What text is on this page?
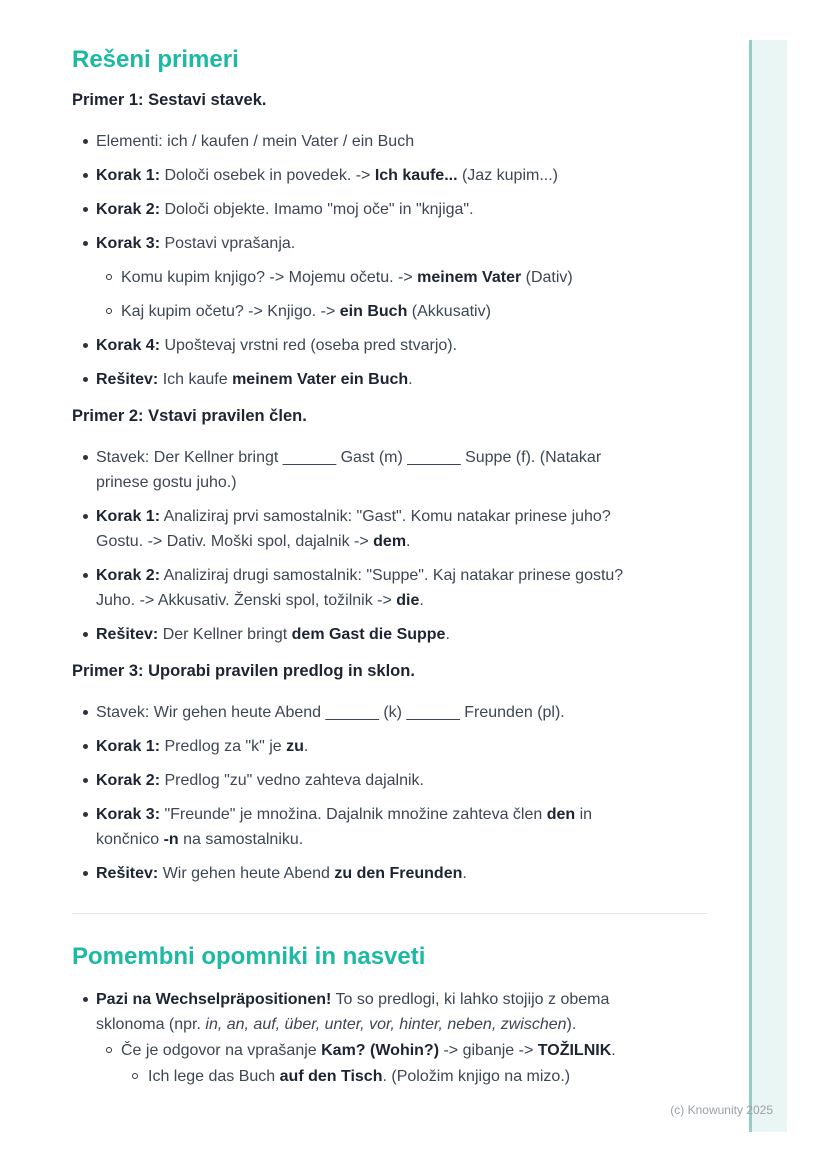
Rešeni primeri
Primer 1: Sestavi stavek.
Elementi: ich / kaufen / mein Vater / ein Buch
Korak 1: Določi osebek in povedek. -> Ich kaufe... (Jaz kupim...)
Korak 2: Določi objekte. Imamo "moj oče" in "knjiga".
Korak 3: Postavi vprašanja.
Komu kupim knjigo? -> Mojemu očetu. -> meinem Vater (Dativ)
Kaj kupim očetu? -> Knjigo. -> ein Buch (Akkusativ)
Korak 4: Upoštevaj vrstni red (oseba pred stvarjo).
Rešitev: Ich kaufe meinem Vater ein Buch.
Primer 2: Vstavi pravilen člen.
Stavek: Der Kellner bringt ______ Gast (m) ______ Suppe (f). (Natakar
prinese gostu juho.)
Korak 1: Analiziraj prvi samostalnik: "Gast". Komu natakar prinese juho?
Gostu. -> Dativ. Moški spol, dajalnik -> dem.
Korak 2: Analiziraj drugi samostalnik: "Suppe". Kaj natakar prinese gostu?
Juho. -> Akkusativ. Ženski spol, tožilnik -> die.
Rešitev: Der Kellner bringt dem Gast die Suppe.
Primer 3: Uporabi pravilen predlog in sklon.
Stavek: Wir gehen heute Abend ______ (k) ______ Freunden (pl).
Korak 1: Predlog za "k" je zu.
Korak 2: Predlog "zu" vedno zahteva dajalnik.
Korak 3: "Freunde" je množina. Dajalnik množine zahteva člen den in
končnico -n na samostalniku.
Rešitev: Wir gehen heute Abend zu den Freunden.
Pomembni opomniki in nasveti
Pazi na Wechselpräpositionen! To so predlogi, ki lahko stojijo z obema
sklonoma (npr. in, an, auf, über, unter, vor, hinter, neben, zwischen).
Če je odgovor na vprašanje Kam? (Wohin?) -> gibanje -> TOŽILNIK.
Ich lege das Buch auf den Tisch. (Položim knjigo na mizo.)
(c) Knowunity 2025
